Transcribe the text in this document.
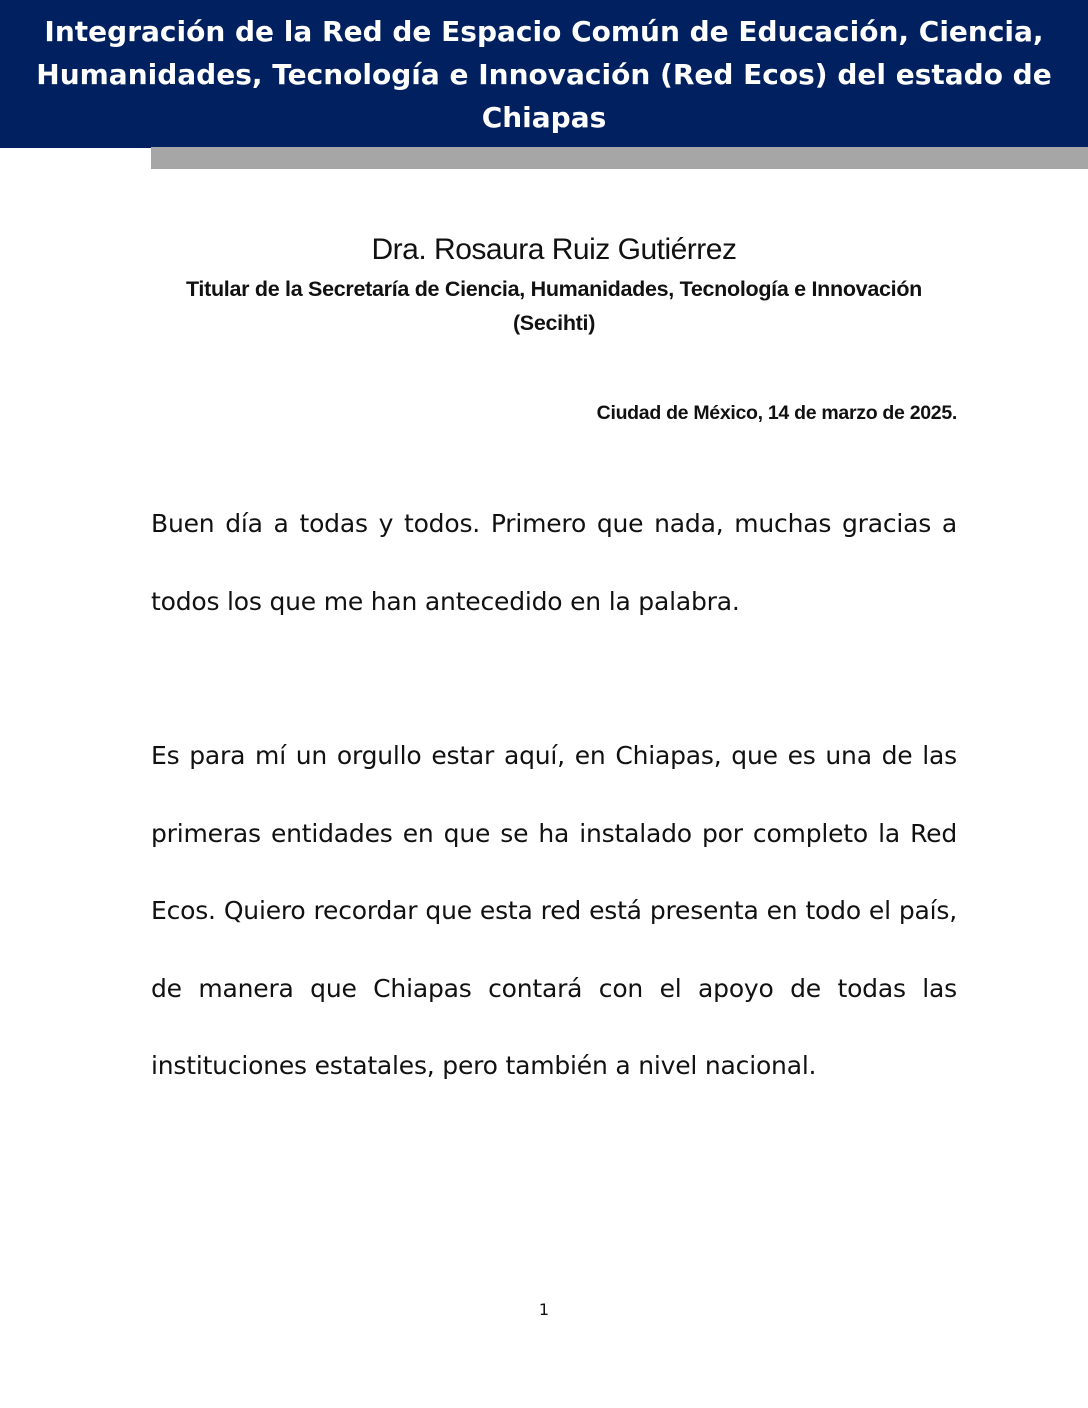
Integración de la Red de Espacio Común de Educación, Ciencia, Humanidades, Tecnología e Innovación (Red Ecos) del estado de Chiapas

Dra. Rosaura Ruiz Gutiérrez

Titular de la Secretaría de Ciencia, Humanidades, Tecnología e Innovación (Secihti)

Ciudad de México, 14 de marzo de 2025.

Buen día a todas y todos. Primero que nada, muchas gracias a todos los que me han antecedido en la palabra.

Es para mí un orgullo estar aquí, en Chiapas, que es una de las primeras entidades en que se ha instalado por completo la Red Ecos. Quiero recordar que esta red está presenta en todo el país, de manera que Chiapas contará con el apoyo de todas las instituciones estatales, pero también a nivel nacional.

1
